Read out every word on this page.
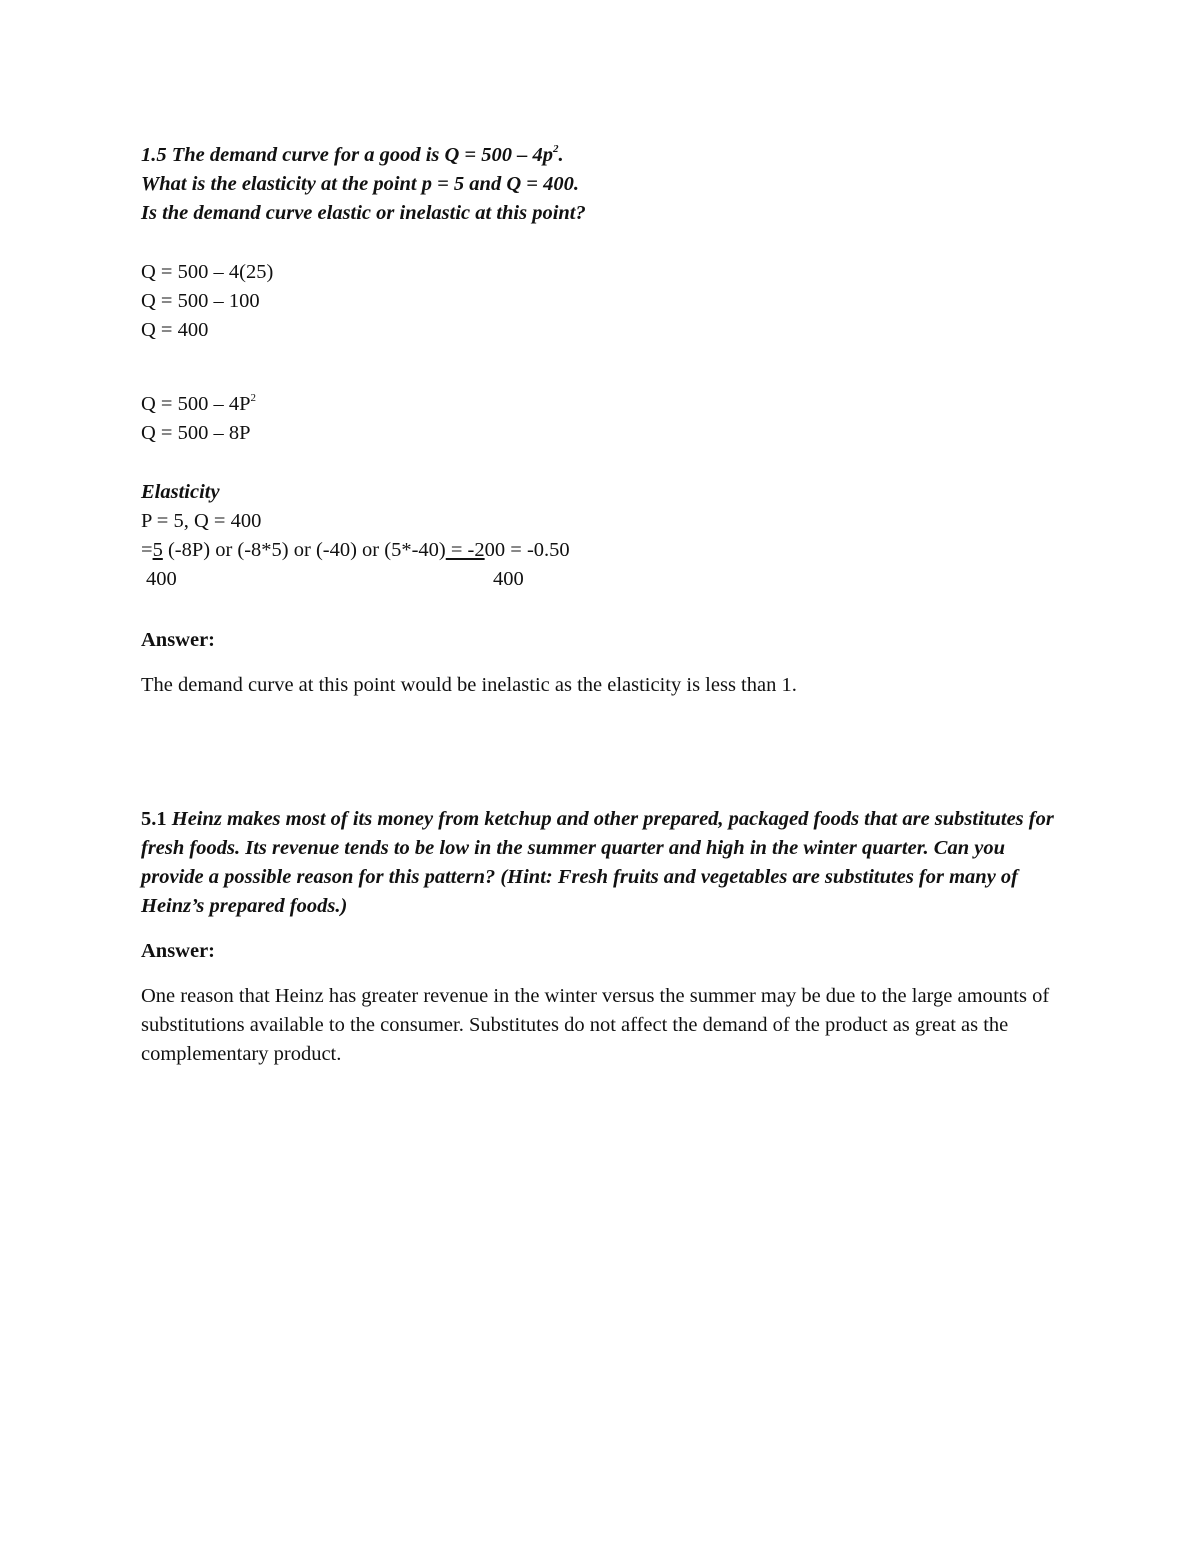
1.5 The demand curve for a good is $Q = 500 - 4p^2$.
What is the elasticity at the point p = 5 and Q = 400.
Is the demand curve elastic or inelastic at this point?
Q = 500 – 4(25)
Q = 500 – 100
Q = 400
$Q = 500 - 4P^2$
Q = 500 – 8P
Elasticity
P = 5, Q = 400
=5 (-8P) or (-8*5) or (-40) or (5*-40) = -200 = -0.50
400	400
Answer:
The demand curve at this point would be inelastic as the elasticity is less than 1.
5.1 Heinz makes most of its money from ketchup and other prepared, packaged foods that are substitutes for fresh foods. Its revenue tends to be low in the summer quarter and high in the winter quarter. Can you provide a possible reason for this pattern? (Hint: Fresh fruits and vegetables are substitutes for many of Heinz’s prepared foods.)
Answer:
One reason that Heinz has greater revenue in the winter versus the summer may be due to the large amounts of substitutions available to the consumer. Substitutes do not affect the demand of the product as great as the complementary product.
